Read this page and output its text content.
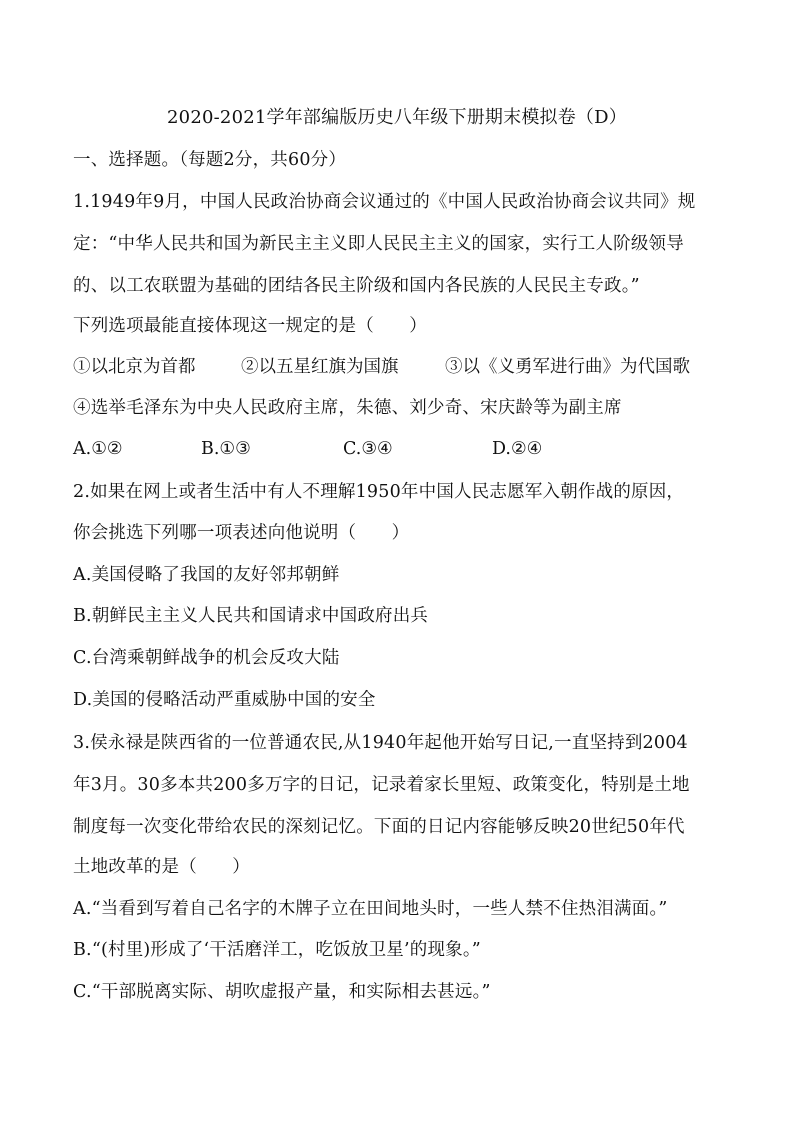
2020-2021学年部编版历史八年级下册期末模拟卷（D）
一、选择题。（每题2分，共60分）
1.1949年9月，中国人民政治协商会议通过的《中国人民政治协商会议共同》规
定：“中华人民共和国为新民主主义即人民民主主义的国家，实行工人阶级领导
的、以工农联盟为基础的团结各民主阶级和国内各民族的人民民主专政。”
下列选项最能直接体现这一规定的是（　　）
①以北京为首都	②以五星红旗为国旗	③以《义勇军进行曲》为代国歌
④选举毛泽东为中央人民政府主席，朱德、刘少奇、宋庆龄等为副主席
A.①②	B.①③	C.③④	D.②④
2.如果在网上或者生活中有人不理解1950年中国人民志愿军入朝作战的原因，
你会挑选下列哪一项表述向他说明（　　）
A.美国侵略了我国的友好邻邦朝鲜
B.朝鲜民主主义人民共和国请求中国政府出兵
C.台湾乘朝鲜战争的机会反攻大陆
D.美国的侵略活动严重威胁中国的安全
3.侯永禄是陕西省的一位普通农民,从1940年起他开始写日记,一直坚持到2004
年3月。30多本共200多万字的日记，记录着家长里短、政策变化，特别是土地
制度每一次变化带给农民的深刻记忆。下面的日记内容能够反映20世纪50年代
土地改革的是（　　）
A.“当看到写着自己名字的木牌子立在田间地头时，一些人禁不住热泪满面。”
B.“(村里)形成了‘干活磨洋工，吃饭放卫星’的现象。”
C.“干部脱离实际、胡吹虚报产量，和实际相去甚远。”
